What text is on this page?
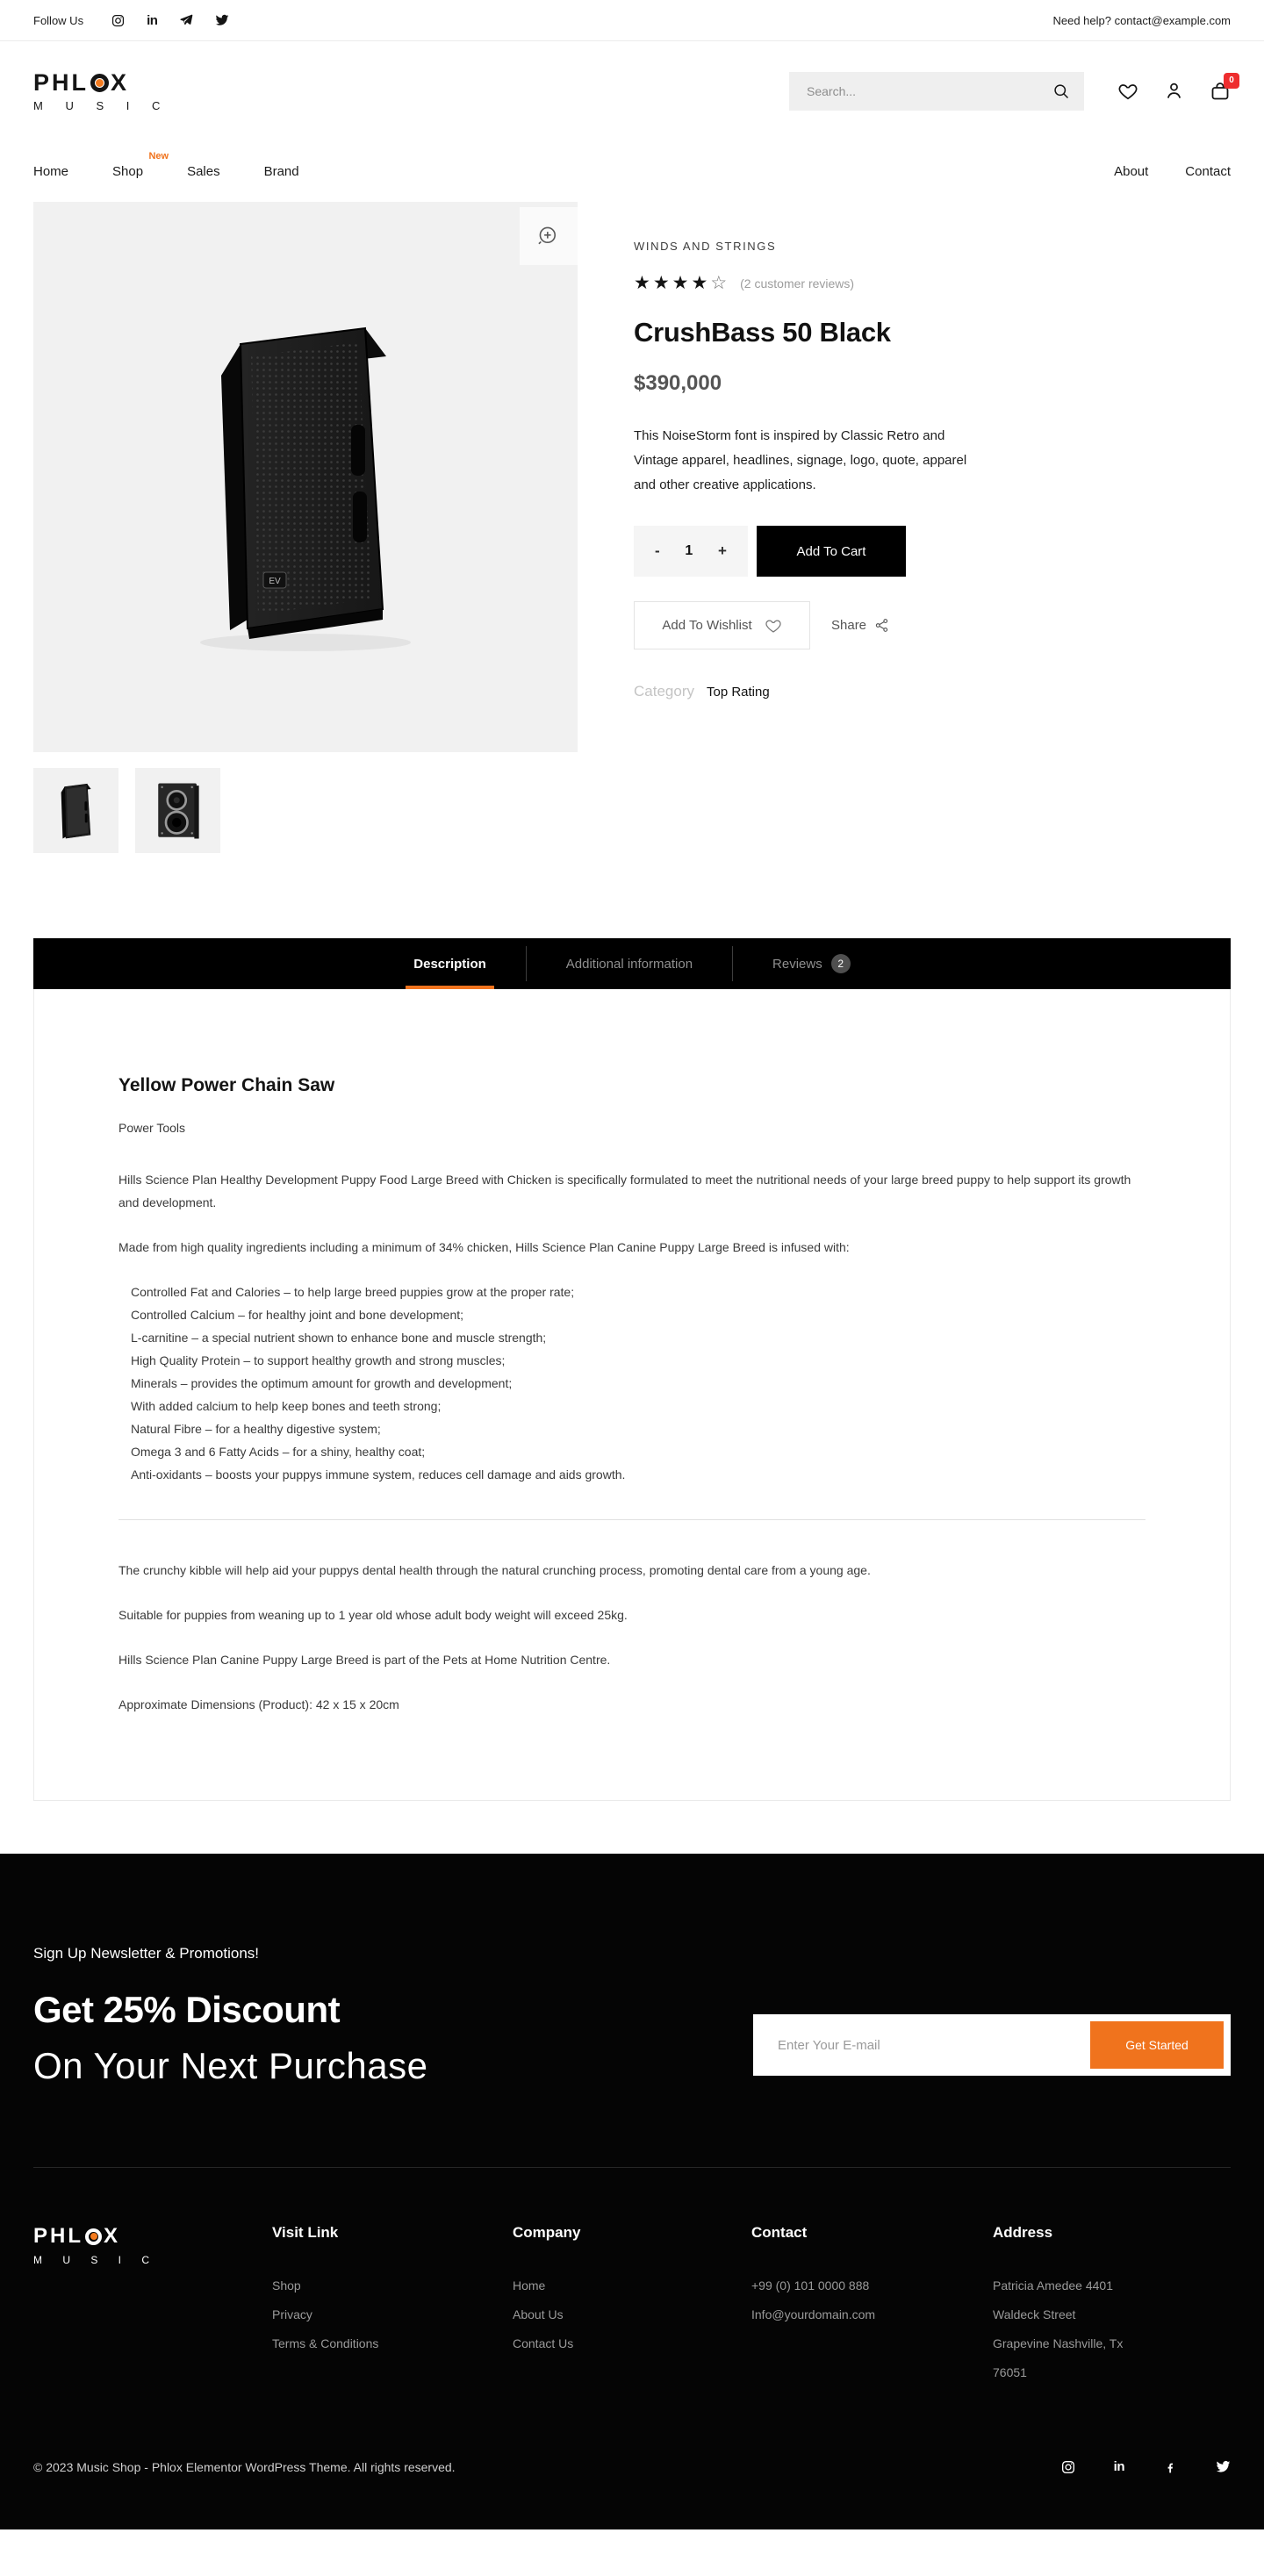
Follow Us	in	Need help? contact@example.com
PHL X
M U S I C
Search...
0
Home	Shop
New
Sales	Brand	About	Contact
EV
WINDS AND STRINGS
★★★★☆ (2 customer reviews)
CrushBass 50 Black
$390,000

This NoiseStorm font is inspired by Classic Retro and Vintage apparel, headlines, signage, logo, quote, apparel and other creative applications.

- 1 +	Add To Cart
Add To Wishlist	Share
Category Top Rating
Description	Additional information	Reviews	2
Yellow Power Chain Saw
Power Tools

Hills Science Plan Healthy Development Puppy Food Large Breed with Chicken is specifically formulated to meet the nutritional needs of your large breed puppy to help support its growth and development.

Made from high quality ingredients including a minimum of 34% chicken, Hills Science Plan Canine Puppy Large Breed is infused with:

Controlled Fat and Calories – to help large breed puppies grow at the proper rate;
Controlled Calcium – for healthy joint and bone development;
L-carnitine – a special nutrient shown to enhance bone and muscle strength;
High Quality Protein – to support healthy growth and strong muscles;
Minerals – provides the optimum amount for growth and development;
With added calcium to help keep bones and teeth strong;
Natural Fibre – for a healthy digestive system;
Omega 3 and 6 Fatty Acids – for a shiny, healthy coat;
Anti-oxidants – boosts your puppys immune system, reduces cell damage and aids growth.

The crunchy kibble will help aid your puppys dental health through the natural crunching process, promoting dental care from a young age.

Suitable for puppies from weaning up to 1 year old whose adult body weight will exceed 25kg.

Hills Science Plan Canine Puppy Large Breed is part of the Pets at Home Nutrition Centre.

Approximate Dimensions (Product): 42 x 15 x 20cm

Sign Up Newsletter & Promotions!
Get 25% Discount
On Your Next Purchase
Enter Your E-mail	Get Started
PHL X
M U S I C
Visit Link
Shop
Privacy
Terms & Conditions
Company
Home
About Us
Contact Us
Contact
+99 (0) 101 0000 888
Info@yourdomain.com
Address
Patricia Amedee 4401
Waldeck Street
Grapevine Nashville, Tx
76051
© 2023 Music Shop - Phlox Elementor WordPress Theme. All rights reserved.	in
